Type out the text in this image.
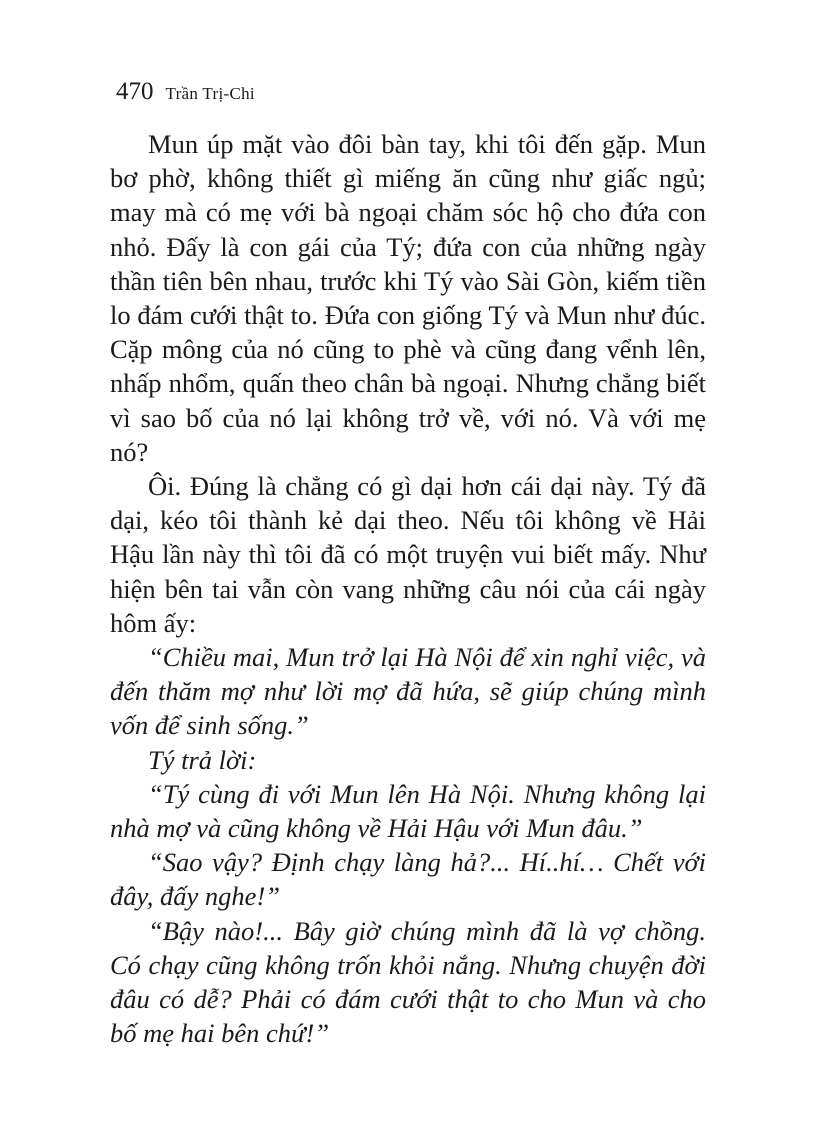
470 Trần Trị-Chi

Mun úp mặt vào đôi bàn tay, khi tôi đến gặp. Mun bơ phờ, không thiết gì miếng ăn cũng như giấc ngủ; may mà có mẹ với bà ngoại chăm sóc hộ cho đứa con nhỏ. Đấy là con gái của Tý; đứa con của những ngày thần tiên bên nhau, trước khi Tý vào Sài Gòn, kiếm tiền lo đám cưới thật to. Đứa con giống Tý và Mun như đúc. Cặp mông của nó cũng to phè và cũng đang vểnh lên, nhấp nhổm, quấn theo chân bà ngoại. Nhưng chẳng biết vì sao bố của nó lại không trở về, với nó. Và với mẹ nó?

Ôi. Đúng là chẳng có gì dại hơn cái dại này. Tý đã dại, kéo tôi thành kẻ dại theo. Nếu tôi không về Hải Hậu lần này thì tôi đã có một truyện vui biết mấy. Như hiện bên tai vẫn còn vang những câu nói của cái ngày hôm ấy:

“Chiều mai, Mun trở lại Hà Nội để xin nghỉ việc, và đến thăm mợ như lời mợ đã hứa, sẽ giúp chúng mình vốn để sinh sống.”

Tý trả lời:

“Tý cùng đi với Mun lên Hà Nội. Nhưng không lại nhà mợ và cũng không về Hải Hậu với Mun đâu.”

“Sao vậy? Định chạy làng hả?... Hí..hí… Chết với đây, đấy nghe!”

“Bậy nào!... Bây giờ chúng mình đã là vợ chồng. Có chạy cũng không trốn khỏi nắng. Nhưng chuyện đời đâu có dễ? Phải có đám cưới thật to cho Mun và cho bố mẹ hai bên chứ!”
